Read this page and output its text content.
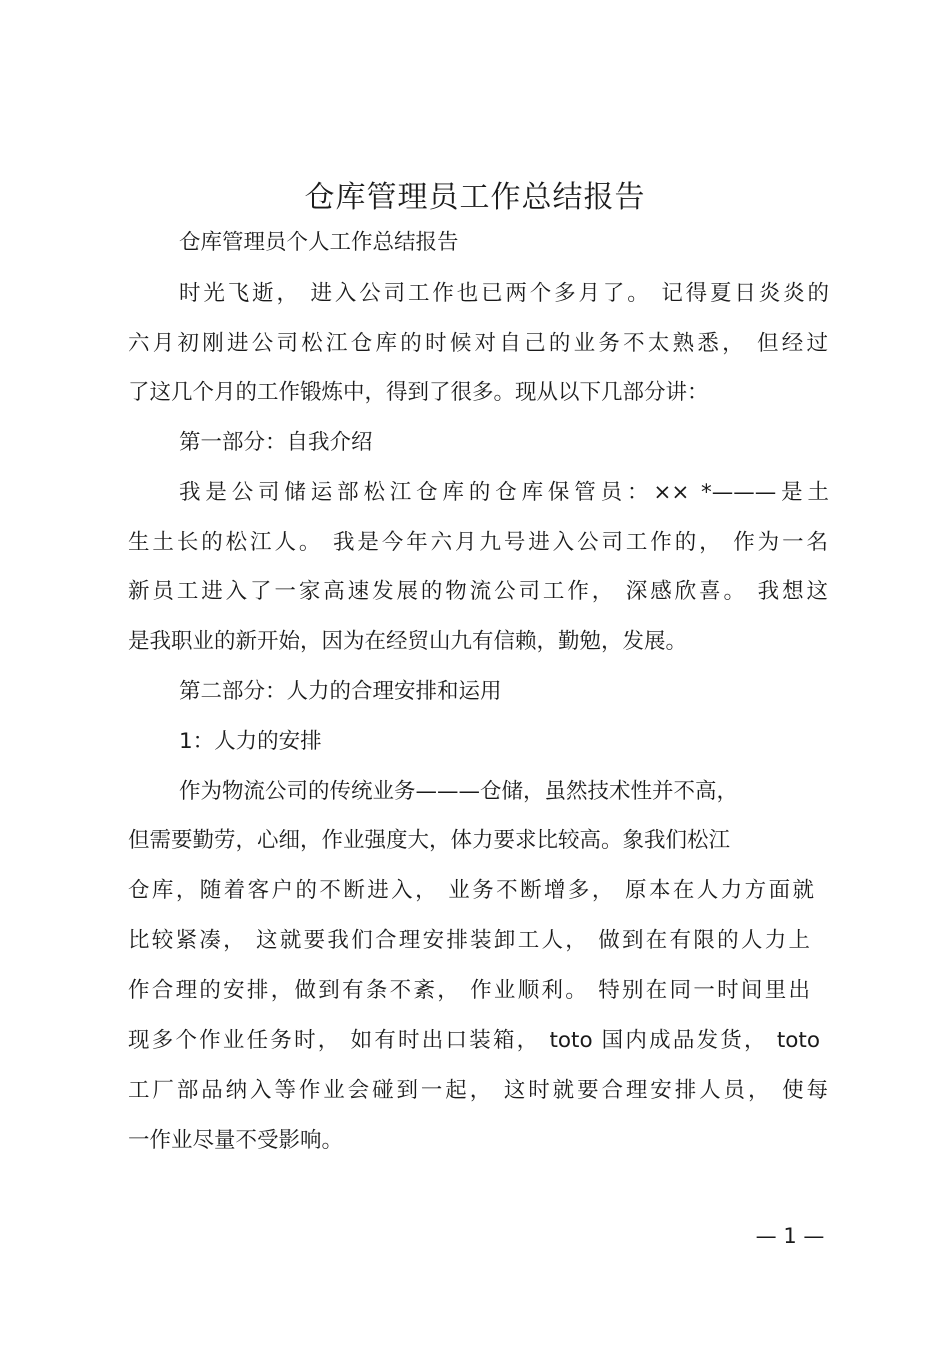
仓库管理员工作总结报告
仓库管理员个人工作总结报告
时光飞逝， 进入公司工作也已两个多月了。 记得夏日炎炎的
六月初刚进公司松江仓库的时候对自己的业务不太熟悉， 但经过
了这几个月的工作锻炼中，得到了很多。现从以下几部分讲：
第一部分：自我介绍
我是公司储运部松江仓库的仓库保管员：×× *———是土
生土长的松江人。 我是今年六月九号进入公司工作的， 作为一名
新员工进入了一家高速发展的物流公司工作， 深感欣喜。 我想这
是我职业的新开始，因为在经贸山九有信赖，勤勉，发展。
第二部分：人力的合理安排和运用
1：人力的安排
作为物流公司的传统业务———仓储，虽然技术性并不高，
但需要勤劳，心细，作业强度大，体力要求比较高。象我们松江
仓库，随着客户的不断进入， 业务不断增多， 原本在人力方面就
比较紧凑， 这就要我们合理安排装卸工人， 做到在有限的人力上
作合理的安排，做到有条不紊， 作业顺利。 特别在同一时间里出
现多个作业任务时， 如有时出口装箱， toto 国内成品发货， toto
工厂部品纳入等作业会碰到一起， 这时就要合理安排人员， 使每
一作业尽量不受影响。
— 1 —
